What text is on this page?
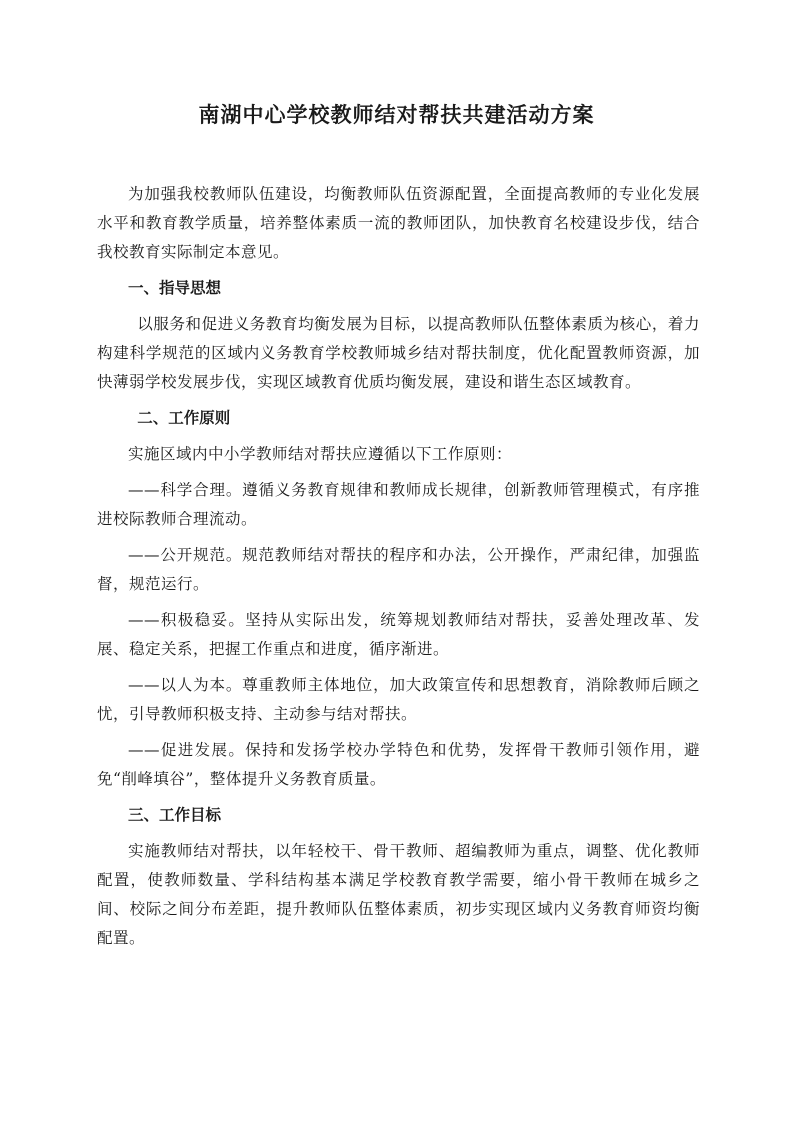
南湖中心学校教师结对帮扶共建活动方案

为加强我校教师队伍建设，均衡教师队伍资源配置，全面提高教师的专业化发展水平和教育教学质量，培养整体素质一流的教师团队，加快教育名校建设步伐，结合我校教育实际制定本意见。

一、指导思想

以服务和促进义务教育均衡发展为目标，以提高教师队伍整体素质为核心，着力构建科学规范的区域内义务教育学校教师城乡结对帮扶制度，优化配置教师资源，加快薄弱学校发展步伐，实现区域教育优质均衡发展，建设和谐生态区域教育。

二、工作原则

实施区域内中小学教师结对帮扶应遵循以下工作原则：

——科学合理。遵循义务教育规律和教师成长规律，创新教师管理模式，有序推进校际教师合理流动。

——公开规范。规范教师结对帮扶的程序和办法，公开操作，严肃纪律，加强监督，规范运行。

——积极稳妥。坚持从实际出发，统筹规划教师结对帮扶，妥善处理改革、发展、稳定关系，把握工作重点和进度，循序渐进。

——以人为本。尊重教师主体地位，加大政策宣传和思想教育，消除教师后顾之忧，引导教师积极支持、主动参与结对帮扶。

——促进发展。保持和发扬学校办学特色和优势，发挥骨干教师引领作用，避免“削峰填谷”，整体提升义务教育质量。

三、工作目标

实施教师结对帮扶，以年轻校干、骨干教师、超编教师为重点，调整、优化教师配置，使教师数量、学科结构基本满足学校教育教学需要，缩小骨干教师在城乡之间、校际之间分布差距，提升教师队伍整体素质，初步实现区域内义务教育师资均衡配置。
